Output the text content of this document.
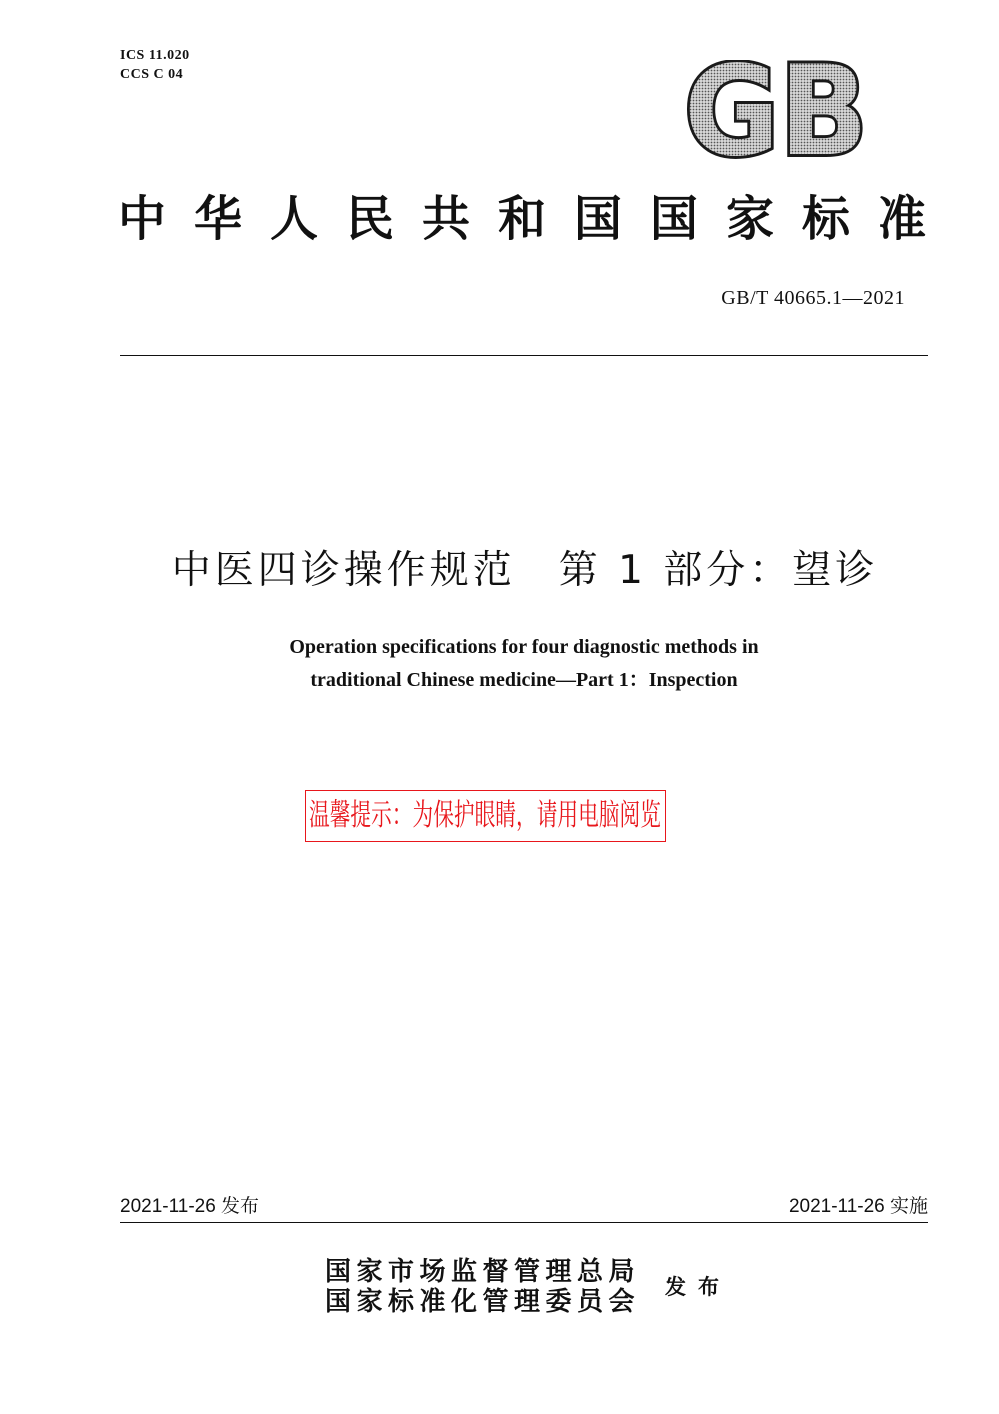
ICS 11.020
CCS C 04	GB
中华人民共和国国家标准
GB/T 40665.1—2021
中医四诊操作规范　第 1 部分：望诊
Operation specifications for four diagnostic methods in
traditional Chinese medicine—Part 1：Inspection
温馨提示：为保护眼睛，请用电脑阅览
2021-11-26 发布	2021-11-26 实施
国家市场监督管理总局
国家标准化管理委员会
发布
